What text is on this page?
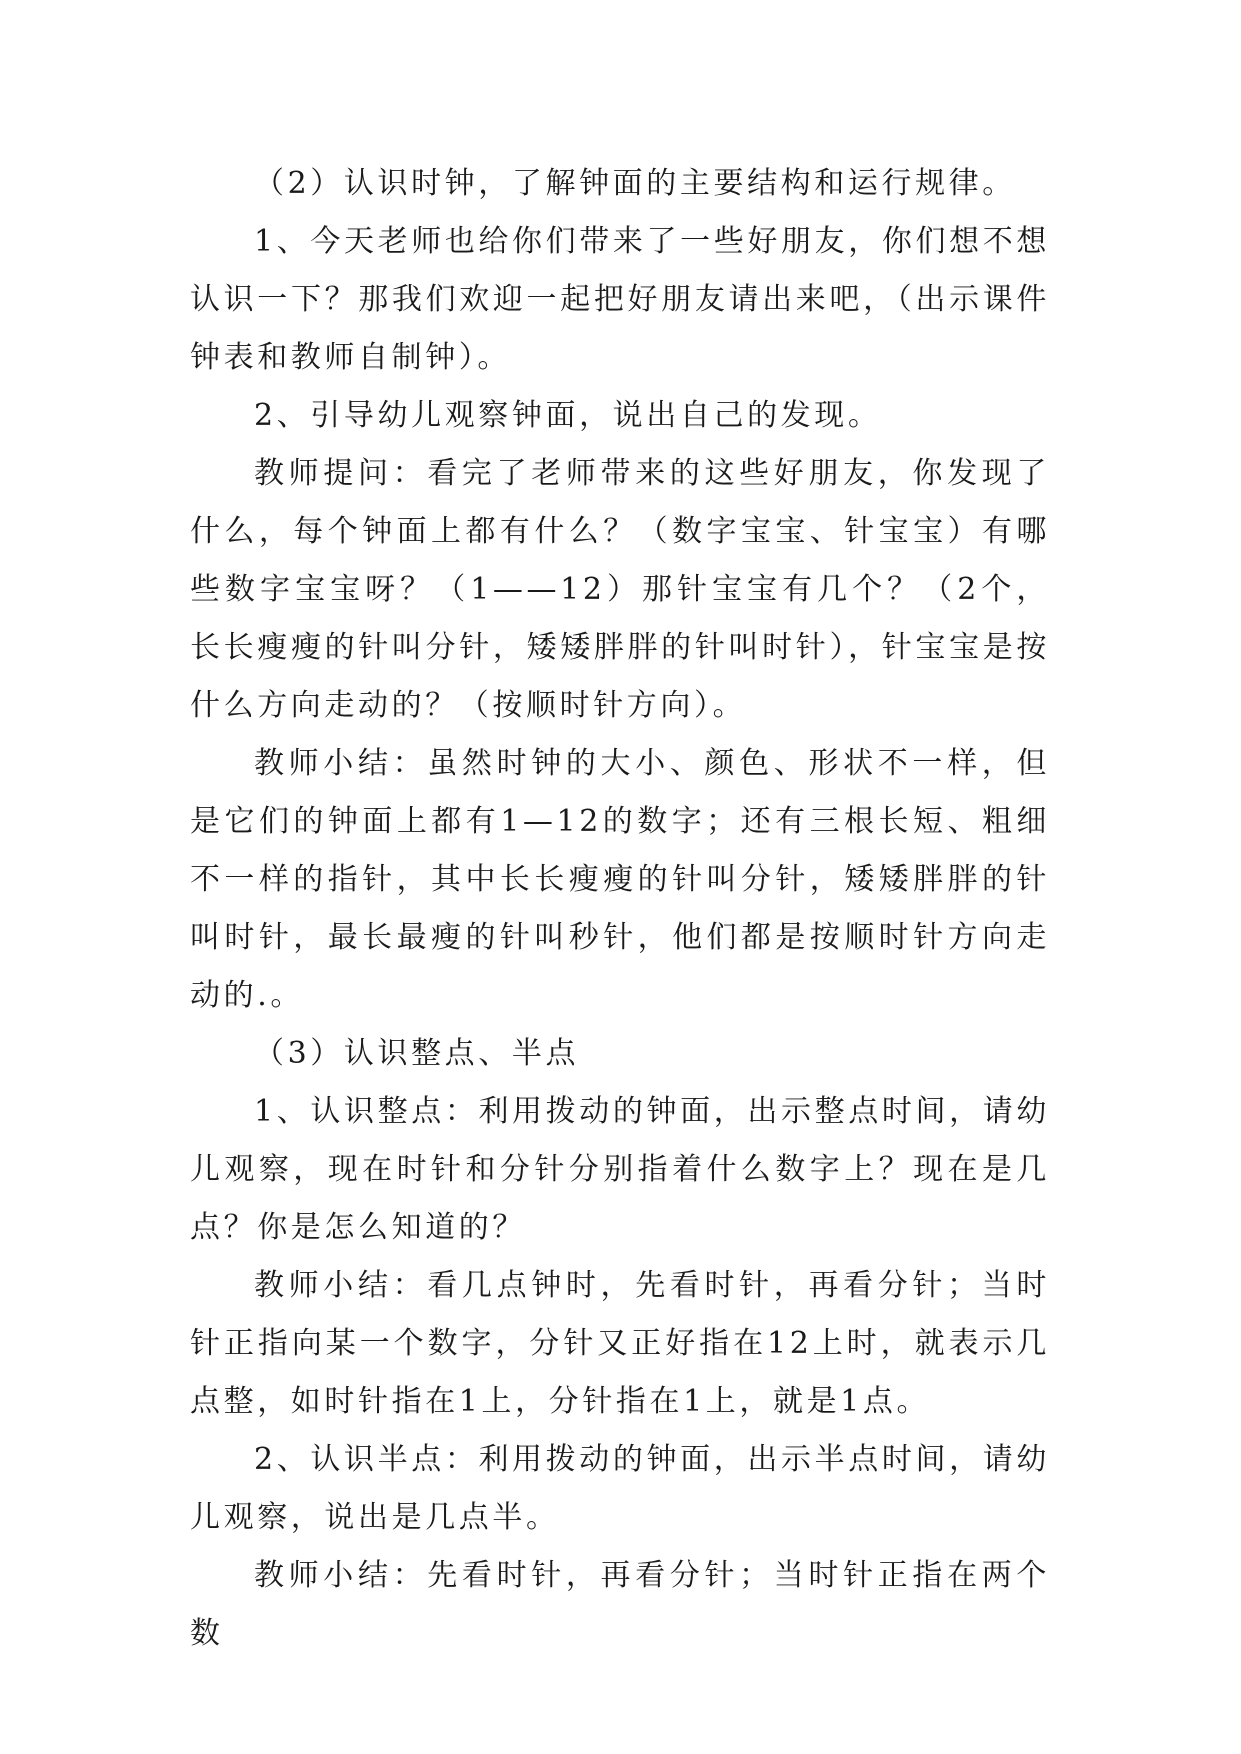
（2）认识时钟，了解钟面的主要结构和运行规律。

1、今天老师也给你们带来了一些好朋友，你们想不想认识一下？那我们欢迎一起把好朋友请出来吧，（出示课件钟表和教师自制钟）。

2、引导幼儿观察钟面，说出自己的发现。

教师提问：看完了老师带来的这些好朋友，你发现了什么，每个钟面上都有什么？（数字宝宝、针宝宝）有哪些数字宝宝呀？（1——12）那针宝宝有几个？（2个，长长瘦瘦的针叫分针，矮矮胖胖的针叫时针），针宝宝是按什么方向走动的？（按顺时针方向）。

教师小结：虽然时钟的大小、颜色、形状不一样，但是它们的钟面上都有1—12的数字；还有三根长短、粗细不一样的指针，其中长长瘦瘦的针叫分针，矮矮胖胖的针叫时针，最长最瘦的针叫秒针，他们都是按顺时针方向走动的.。

（3）认识整点、半点

1、认识整点：利用拨动的钟面，出示整点时间，请幼儿观察，现在时针和分针分别指着什么数字上？现在是几点？你是怎么知道的？

教师小结：看几点钟时，先看时针，再看分针；当时针正指向某一个数字，分针又正好指在12上时，就表示几点整，如时针指在1上，分针指在1上，就是1点。

2、认识半点：利用拨动的钟面，出示半点时间，请幼儿观察，说出是几点半。

教师小结：先看时针，再看分针；当时针正指在两个数
